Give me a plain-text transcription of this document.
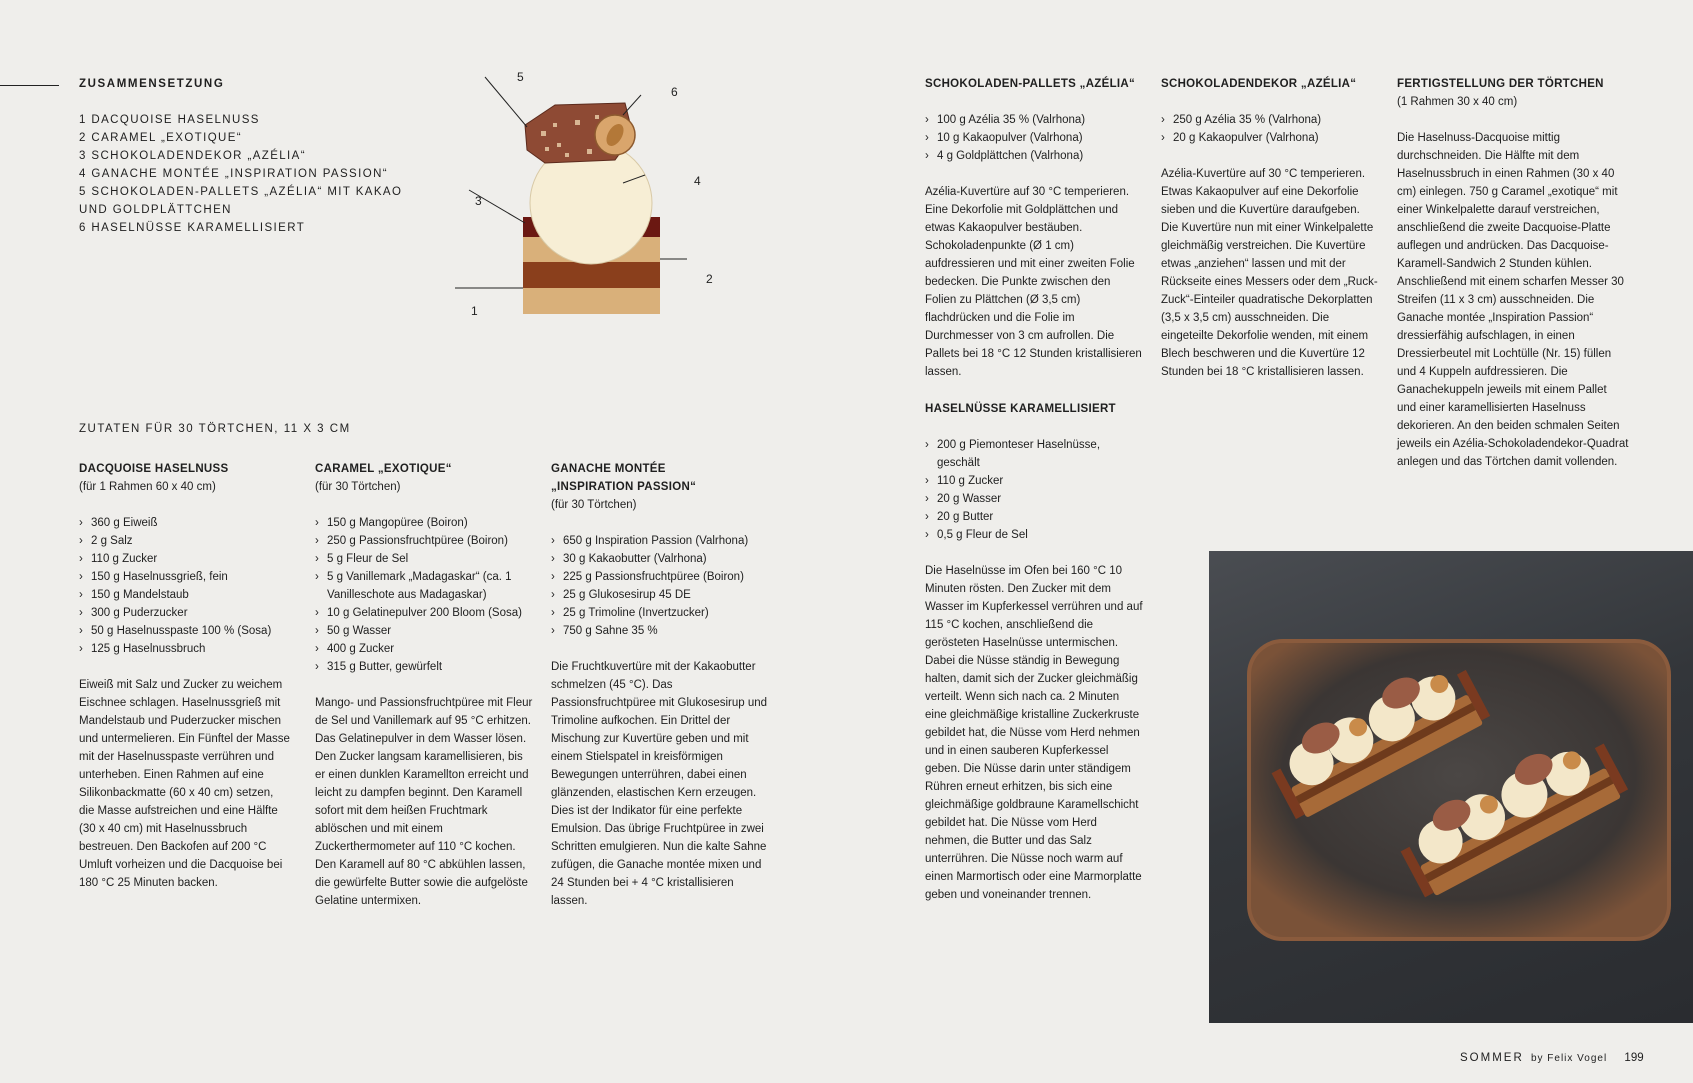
ZUSAMMENSETZUNG
1 DACQUOISE HASELNUSS
2 CARAMEL „EXOTIQUE“
3 SCHOKOLADENDEKOR „AZÉLIA“
4 GANACHE MONTÉE „INSPIRATION PASSION“
5 SCHOKOLADEN-PALLETS „AZÉLIA“ MIT KAKAO UND GOLDPLÄTTCHEN
6 HASELNÜSSE KARAMELLISIERT
5
6
4
3
2
1
ZUTATEN FÜR 30 TÖRTCHEN, 11 X 3 CM
DACQUOISE HASELNUSS

(für 1 Rahmen 60 x 40 cm)

› 360 g Eiweiß
› 2 g Salz
› 110 g Zucker
› 150 g Haselnussgrieß, fein
› 150 g Mandelstaub
› 300 g Puderzucker
› 50 g Haselnusspaste 100 % (Sosa)
› 125 g Haselnussbruch

Eiweiß mit Salz und Zucker zu weichem Eischnee schlagen. Haselnussgrieß mit Mandelstaub und Puderzucker mischen und untermelieren. Ein Fünftel der Masse mit der Haselnusspaste verrühren und unterheben. Einen Rahmen auf eine Silikonbackmatte (60 x 40 cm) setzen, die Masse aufstreichen und eine Hälfte (30 x 40 cm) mit Haselnussbruch bestreuen. Den Backofen auf 200 °C Umluft vorheizen und die Dacquoise bei 180 °C 25 Minuten backen.

CARAMEL „EXOTIQUE“

(für 30 Törtchen)

› 150 g Mangopüree (Boiron)
› 250 g Passionsfruchtpüree (Boiron)
› 5 g Fleur de Sel
› 5 g Vanillemark „Madagaskar“ (ca. 1 Vanilleschote aus Madagaskar)
› 10 g Gelatinepulver 200 Bloom (Sosa)
› 50 g Wasser
› 400 g Zucker
› 315 g Butter, gewürfelt

Mango- und Passionsfruchtpüree mit Fleur de Sel und Vanillemark auf 95 °C erhitzen. Das Gelatinepulver in dem Wasser lösen. Den Zucker langsam karamellisieren, bis er einen dunklen Karamellton erreicht und leicht zu dampfen beginnt. Den Karamell sofort mit dem heißen Fruchtmark ablöschen und mit einem Zuckerthermometer auf 110 °C kochen. Den Karamell auf 80 °C abkühlen lassen, die gewürfelte Butter sowie die aufgelöste Gelatine untermixen.

GANACHE MONTÉE „INSPIRATION PASSION“

(für 30 Törtchen)

› 650 g Inspiration Passion (Valrhona)
› 30 g Kakaobutter (Valrhona)
› 225 g Passionsfruchtpüree (Boiron)
› 25 g Glukosesirup 45 DE
› 25 g Trimoline (Invertzucker)
› 750 g Sahne 35 %

Die Fruchtkuvertüre mit der Kakaobutter schmelzen (45 °C). Das Passionsfruchtpüree mit Glukosesirup und Trimoline aufkochen. Ein Drittel der Mischung zur Kuvertüre geben und mit einem Stielspatel in kreisförmigen Bewegungen unterrühren, dabei einen glänzenden, elastischen Kern erzeugen. Dies ist der Indikator für eine perfekte Emulsion. Das übrige Fruchtpüree in zwei Schritten emulgieren. Nun die kalte Sahne zufügen, die Ganache montée mixen und 24 Stunden bei + 4 °C kristallisieren lassen.

SCHOKOLADEN-PALLETS „AZÉLIA“
› 100 g Azélia 35 % (Valrhona)
› 10 g Kakaopulver (Valrhona)
› 4 g Goldplättchen (Valrhona)

Azélia-Kuvertüre auf 30 °C temperieren. Eine Dekorfolie mit Goldplättchen und etwas Kakaopulver bestäuben. Schokoladenpunkte (Ø 1 cm) aufdressieren und mit einer zweiten Folie bedecken. Die Punkte zwischen den Folien zu Plättchen (Ø 3,5 cm) flachdrücken und die Folie im Durchmesser von 3 cm aufrollen. Die Pallets bei 18 °C 12 Stunden kristallisieren lassen.

HASELNÜSSE KARAMELLISIERT
› 200 g Piemonteser Haselnüsse, geschält
› 110 g Zucker
› 20 g Wasser
› 20 g Butter
› 0,5 g Fleur de Sel

Die Haselnüsse im Ofen bei 160 °C 10 Minuten rösten. Den Zucker mit dem Wasser im Kupferkessel verrühren und auf 115 °C kochen, anschließend die gerösteten Haselnüsse untermischen. Dabei die Nüsse ständig in Bewegung halten, damit sich der Zucker gleichmäßig verteilt. Wenn sich nach ca. 2 Minuten eine gleichmäßige kristalline Zuckerkruste gebildet hat, die Nüsse vom Herd nehmen und in einen sauberen Kupferkessel geben. Die Nüsse darin unter ständigem Rühren erneut erhitzen, bis sich eine gleichmäßige goldbraune Karamellschicht gebildet hat. Die Nüsse vom Herd nehmen, die Butter und das Salz unterrühren. Die Nüsse noch warm auf einen Marmortisch oder eine Marmorplatte geben und voneinander trennen.

SCHOKOLADENDEKOR „AZÉLIA“
› 250 g Azélia 35 % (Valrhona)
› 20 g Kakaopulver (Valrhona)

Azélia-Kuvertüre auf 30 °C temperieren. Etwas Kakaopulver auf eine Dekorfolie sieben und die Kuvertüre daraufgeben. Die Kuvertüre nun mit einer Winkelpalette gleichmäßig verstreichen. Die Kuvertüre etwas „anziehen“ lassen und mit der Rückseite eines Messers oder dem „Ruck-Zuck“-Einteiler quadratische Dekorplatten (3,5 x 3,5 cm) ausschneiden. Die eingeteilte Dekorfolie wenden, mit einem Blech beschweren und die Kuvertüre 12 Stunden bei 18 °C kristallisieren lassen.

FERTIGSTELLUNG DER TÖRTCHEN

(1 Rahmen 30 x 40 cm)

Die Haselnuss-Dacquoise mittig durchschneiden. Die Hälfte mit dem Haselnussbruch in einen Rahmen (30 x 40 cm) einlegen. 750 g Caramel „exotique“ mit einer Winkelpalette darauf verstreichen, anschließend die zweite Dacquoise-Platte auflegen und andrücken. Das Dacquoise-Karamell-Sandwich 2 Stunden kühlen. Anschließend mit einem scharfen Messer 30 Streifen (11 x 3 cm) ausschneiden. Die Ganache montée „Inspiration Passion“ dressierfähig aufschlagen, in einen Dressierbeutel mit Lochtülle (Nr. 15) füllen und 4 Kuppeln aufdressieren. Die Ganachekuppeln jeweils mit einem Pallet und einer karamellisierten Haselnuss dekorieren. An den beiden schmalen Seiten jeweils ein Azélia-Schokoladendekor-Quadrat anlegen und das Törtchen damit vollenden.

SOMMER by Felix Vogel 199
